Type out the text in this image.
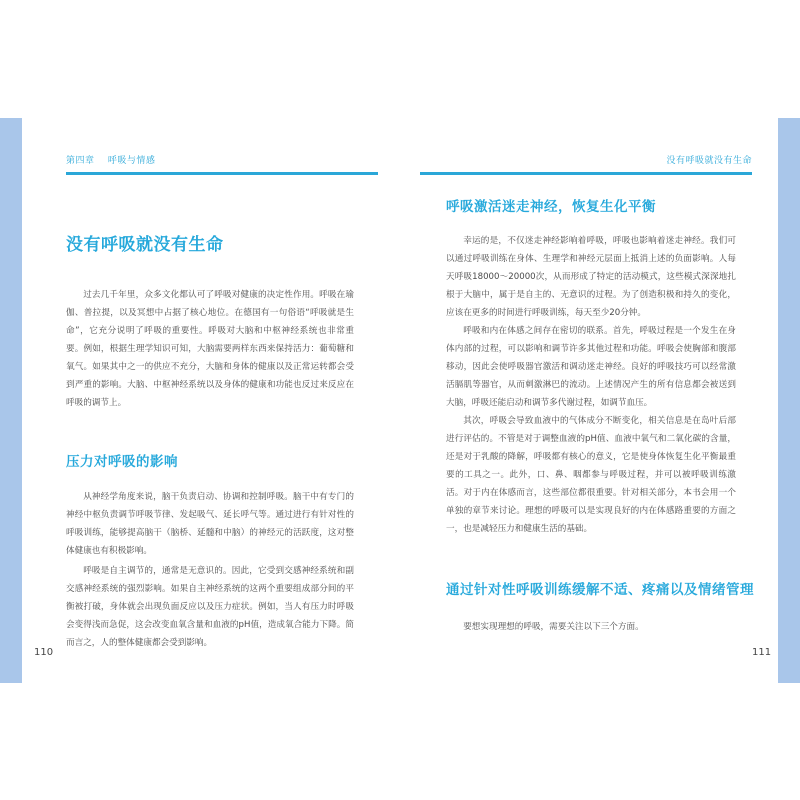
第四章 呼吸与情感
没有呼吸就没有生命

过去几千年里，众多文化都认可了呼吸对健康的决定性作用。呼吸在瑜伽、普拉提，以及冥想中占据了核心地位。在德国有一句俗语“呼吸就是生命”，它充分说明了呼吸的重要性。呼吸对大脑和中枢神经系统也非常重要。例如，根据生理学知识可知，大脑需要两样东西来保持活力：葡萄糖和氧气。如果其中之一的供应不充分，大脑和身体的健康以及正常运转都会受到严重的影响。大脑、中枢神经系统以及身体的健康和功能也反过来反应在呼吸的调节上。

压力对呼吸的影响

从神经学角度来说，脑干负责启动、协调和控制呼吸。脑干中有专门的神经中枢负责调节呼吸节律、发起吸气、延长呼气等。通过进行有针对性的呼吸训练，能够提高脑干（脑桥、延髓和中脑）的神经元的活跃度，这对整体健康也有积极影响。

呼吸是自主调节的，通常是无意识的。因此，它受到交感神经系统和副交感神经系统的强烈影响。如果自主神经系统的这两个重要组成部分间的平衡被打破，身体就会出现负面反应以及压力症状。例如，当人有压力时呼吸会变得浅而急促，这会改变血氧含量和血液的pH值，造成氧合能力下降。简而言之，人的整体健康都会受到影响。

110
没有呼吸就没有生命
呼吸激活迷走神经，恢复生化平衡

幸运的是，不仅迷走神经影响着呼吸，呼吸也影响着迷走神经。我们可以通过呼吸训练在身体、生理学和神经元层面上抵消上述的负面影响。人每天呼吸18000～20000次，从而形成了特定的活动模式，这些模式深深地扎根于大脑中，属于是自主的、无意识的过程。为了创造积极和持久的变化，应该在更多的时间进行呼吸训练，每天至少20分钟。

呼吸和内在体感之间存在密切的联系。首先，呼吸过程是一个发生在身体内部的过程，可以影响和调节许多其他过程和功能。呼吸会使胸部和腹部移动，因此会使呼吸器官激活和调动迷走神经。良好的呼吸技巧可以经常激活膈肌等器官，从而刺激淋巴的流动。上述情况产生的所有信息都会被送到大脑，呼吸还能启动和调节多代谢过程，如调节血压。

其次，呼吸会导致血液中的气体成分不断变化，相关信息是在岛叶后部进行评估的。不管是对于调整血液的pH值、血液中氧气和二氧化碳的含量，还是对于乳酸的降解，呼吸都有核心的意义，它是使身体恢复生化平衡最重要的工具之一。此外，口、鼻、咽都参与呼吸过程，并可以被呼吸训练激活。对于内在体感而言，这些部位都很重要。针对相关部分，本书会用一个单独的章节来讨论。理想的呼吸可以是实现良好的内在体感路重要的方面之一，也是减轻压力和健康生活的基础。

通过针对性呼吸训练缓解不适、疼痛以及情绪管理

要想实现理想的呼吸，需要关注以下三个方面。

111
